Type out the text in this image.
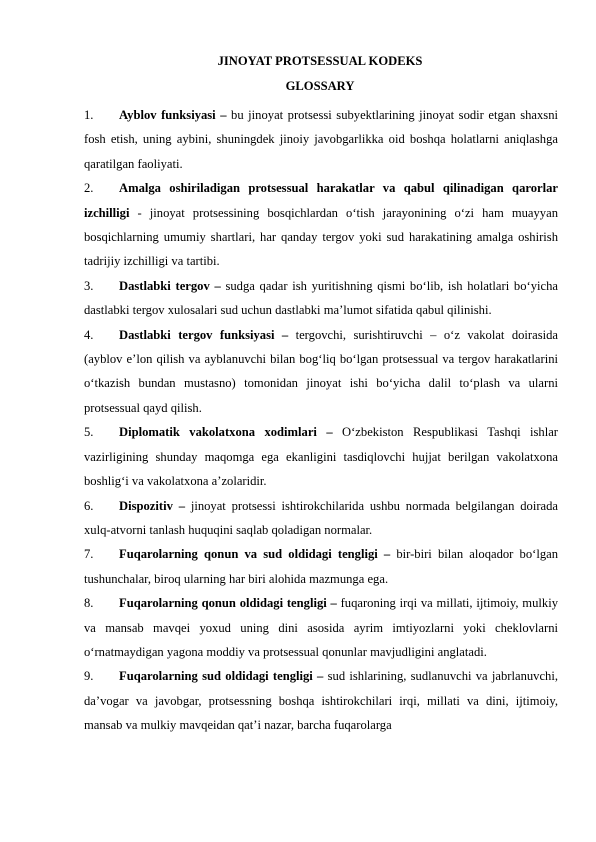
JINOYAT PROTSESSUAL KODEKS
GLOSSARY

1. Ayblov funksiyasi – bu jinoyat protsessi subyektlarining jinoyat sodir etgan shaxsni fosh etish, uning aybini, shuningdek jinoiy javobgarlikka oid boshqa holatlarni aniqlashga qaratilgan faoliyati.

2. Amalga oshiriladigan protsessual harakatlar va qabul qilinadigan qarorlar izchilligi - jinoyat protsessining bosqichlardan oʻtish jarayonining oʻzi ham muayyan bosqichlarning umumiy shartlari, har qanday tergov yoki sud harakatining amalga oshirish tadrijiy izchilligi va tartibi.

3. Dastlabki tergov – sudga qadar ish yuritishning qismi boʻlib, ish holatlari boʻyicha dastlabki tergov xulosalari sud uchun dastlabki maʼlumot sifatida qabul qilinishi.

4. Dastlabki tergov funksiyasi – tergovchi, surishtiruvchi – oʻz vakolat doirasida (ayblov eʼlon qilish va ayblanuvchi bilan bogʻliq boʻlgan protsessual va tergov harakatlarini oʻtkazish bundan mustasno) tomonidan jinoyat ishi boʻyicha dalil toʻplash va ularni protsessual qayd qilish.

5. Diplomatik vakolatxona xodimlari – Oʻzbekiston Respublikasi Tashqi ishlar vazirligining shunday maqomga ega ekanligini tasdiqlovchi hujjat berilgan vakolatxona boshligʻi va vakolatxona aʼzolaridir.

6. Dispozitiv – jinoyat protsessi ishtirokchilarida ushbu normada belgilangan doirada xulq-atvorni tanlash huquqini saqlab qoladigan normalar.

7. Fuqarolarning qonun va sud oldidagi tengligi – bir-biri bilan aloqador boʻlgan tushunchalar, biroq ularning har biri alohida mazmunga ega.

8. Fuqarolarning qonun oldidagi tengligi – fuqaroning irqi va millati, ijtimoiy, mulkiy va mansab mavqei yoxud uning dini asosida ayrim imtiyozlarni yoki cheklovlarni oʻrnatmaydigan yagona moddiy va protsessual qonunlar mavjudligini anglatadi.

9. Fuqarolarning sud oldidagi tengligi – sud ishlarining, sudlanuvchi va jabrlanuvchi, daʼvogar va javobgar, protsessning boshqa ishtirokchilari irqi, millati va dini, ijtimoiy, mansab va mulkiy mavqeidan qatʼi nazar, barcha fuqarolarga
